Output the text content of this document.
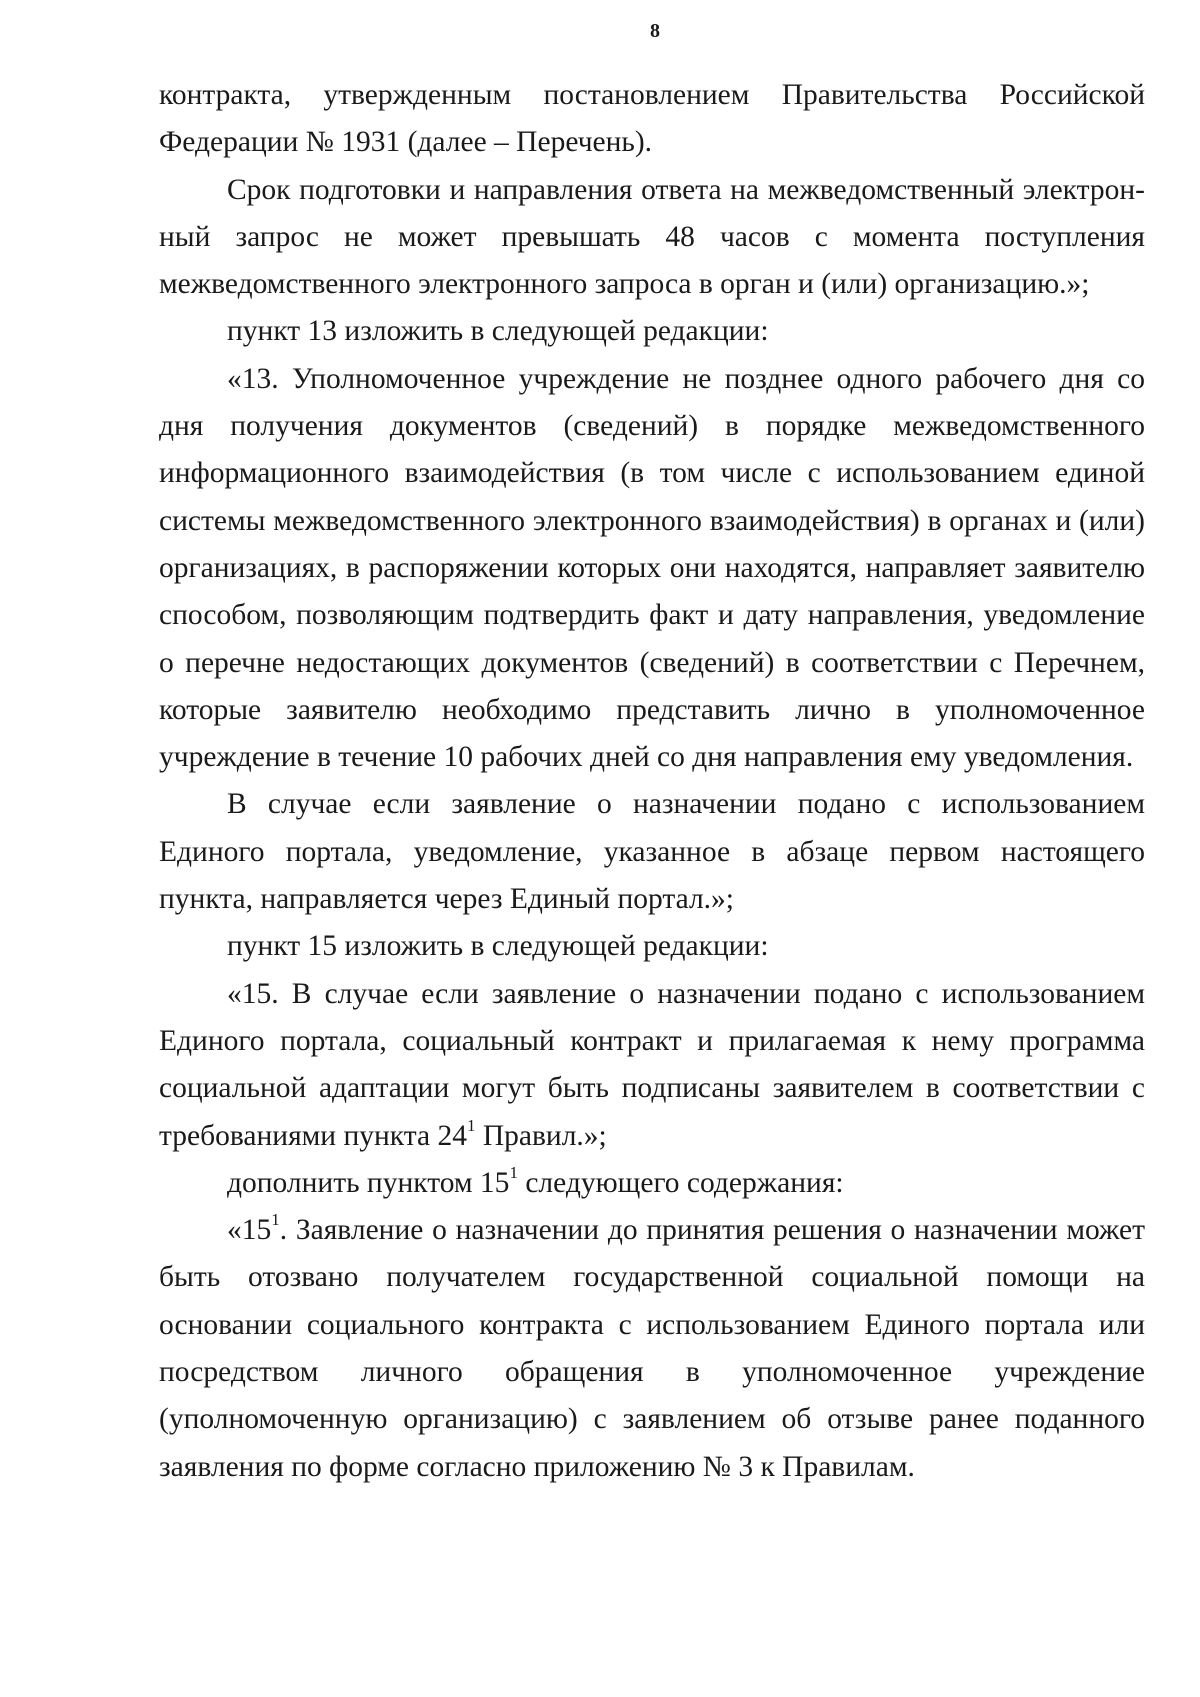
8

контракта, утвержденным постановлением Правительства Российской Федерации № 1931 (далее – Перечень).

Срок подготовки и направления ответа на межведомственный электронный запрос не может превышать 48 часов с момента поступления межведомственного электронного запроса в орган и (или) организацию.»;

пункт 13 изложить в следующей редакции:

«13. Уполномоченное учреждение не позднее одного рабочего дня со дня получения документов (сведений) в порядке межведомственного информационного взаимодействия (в том числе с использованием единой системы межведомственного электронного взаимодействия) в органах и (или) организациях, в распоряжении которых они находятся, направляет заявителю способом, позволяющим подтвердить факт и дату направления, уведомление о перечне недостающих документов (сведений) в соответствии с Перечнем, которые заявителю необходимо представить лично в уполномоченное учреждение в течение 10 рабочих дней со дня направления ему уведомления.

В случае если заявление о назначении подано с использованием Единого портала, уведомление, указанное в абзаце первом настоящего пункта, направляется через Единый портал.»;

пункт 15 изложить в следующей редакции:

«15. В случае если заявление о назначении подано с использованием Единого портала, социальный контракт и прилагаемая к нему программа социальной адаптации могут быть подписаны заявителем в соответствии с требованиями пункта $24^1$ Правил.»;

дополнить пунктом $15^1$ следующего содержания:

«$15^1$. Заявление о назначении до принятия решения о назначении может быть отозвано получателем государственной социальной помощи на основании социального контракта с использованием Единого портала или посредством личного обращения в уполномоченное учреждение (уполномоченную организацию) с заявлением об отзыве ранее поданного заявления по форме согласно приложению № 3 к Правилам.
